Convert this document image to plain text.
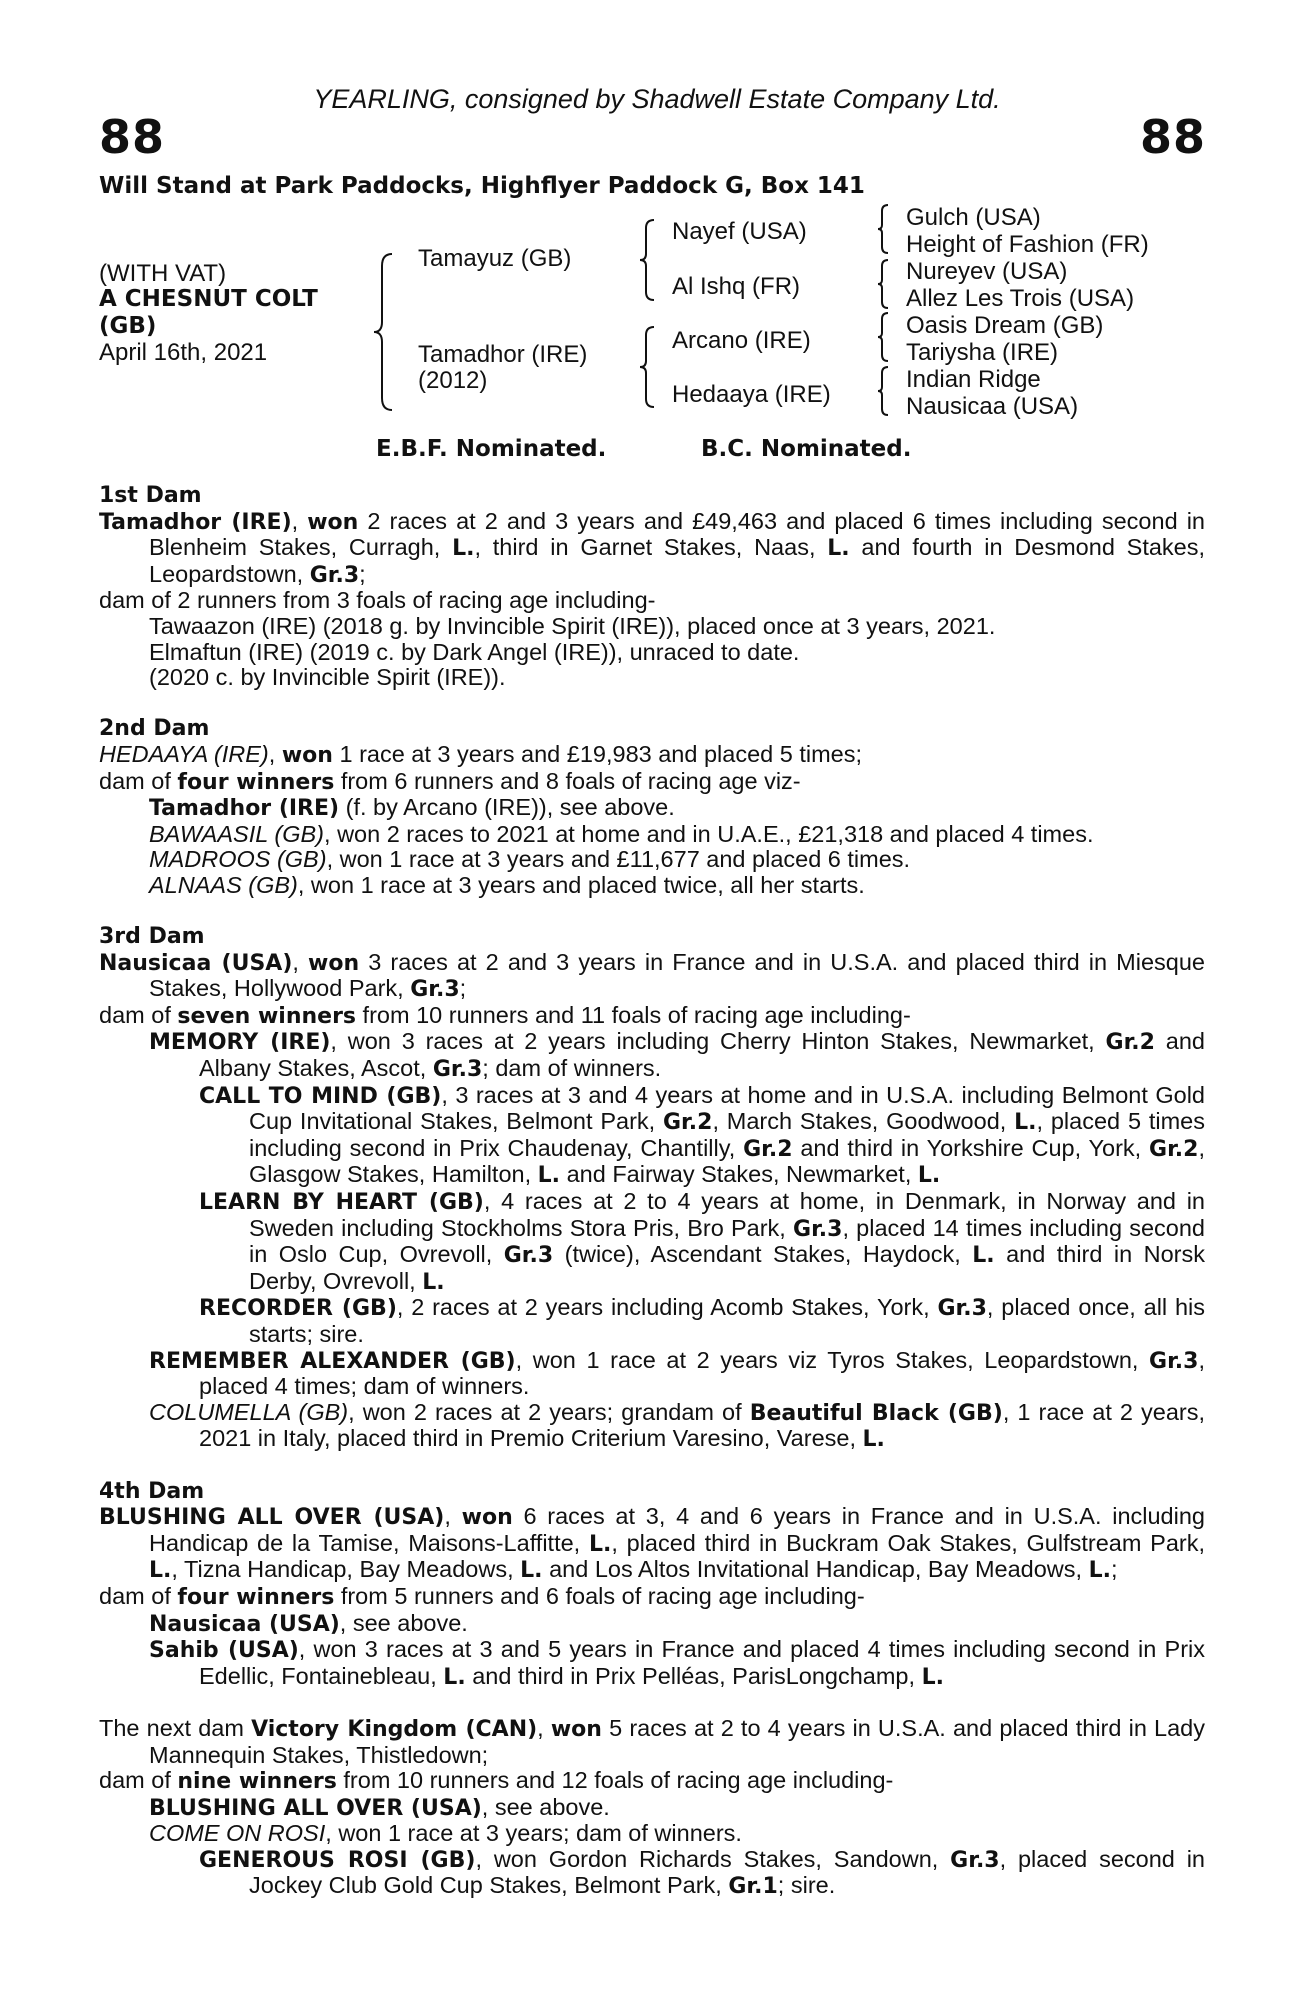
YEARLING, consigned by Shadwell Estate Company Ltd.
88	88
Will Stand at Park Paddocks, Highflyer Paddock G, Box 141
(WITH VAT)
A CHESNUT COLT
(GB)
April 16th, 2021
Tamayuz (GB)
Tamadhor (IRE)
(2012)
Nayef (USA)
Al Ishq (FR)
Arcano (IRE)
Hedaaya (IRE)
Gulch (USA)
Height of Fashion (FR)
Nureyev (USA)
Allez Les Trois (USA)
Oasis Dream (GB)
Tariysha (IRE)
Indian Ridge
Nausicaa (USA)
E.B.F. Nominated.	B.C. Nominated.

1st Dam

Tamadhor (IRE), won 2 races at 2 and 3 years and £49,463 and placed 6 times including second in Blenheim Stakes, Curragh, L., third in Garnet Stakes, Naas, L. and fourth in Desmond Stakes, Leopardstown, Gr.3;

dam of 2 runners from 3 foals of racing age including-

Tawaazon (IRE) (2018 g. by Invincible Spirit (IRE)), placed once at 3 years, 2021.

Elmaftun (IRE) (2019 c. by Dark Angel (IRE)), unraced to date.

(2020 c. by Invincible Spirit (IRE)).

2nd Dam

HEDAAYA (IRE), won 1 race at 3 years and £19,983 and placed 5 times;

dam of four winners from 6 runners and 8 foals of racing age viz-

Tamadhor (IRE) (f. by Arcano (IRE)), see above.

BAWAASIL (GB), won 2 races to 2021 at home and in U.A.E., £21,318 and placed 4 times.

MADROOS (GB), won 1 race at 3 years and £11,677 and placed 6 times.

ALNAAS (GB), won 1 race at 3 years and placed twice, all her starts.

3rd Dam

Nausicaa (USA), won 3 races at 2 and 3 years in France and in U.S.A. and placed third in Miesque Stakes, Hollywood Park, Gr.3;

dam of seven winners from 10 runners and 11 foals of racing age including-

MEMORY (IRE), won 3 races at 2 years including Cherry Hinton Stakes, Newmarket, Gr.2 and Albany Stakes, Ascot, Gr.3; dam of winners.

CALL TO MIND (GB), 3 races at 3 and 4 years at home and in U.S.A. including Belmont Gold Cup Invitational Stakes, Belmont Park, Gr.2, March Stakes, Goodwood, L., placed 5 times including second in Prix Chaudenay, Chantilly, Gr.2 and third in Yorkshire Cup, York, Gr.2, Glasgow Stakes, Hamilton, L. and Fairway Stakes, Newmarket, L.

LEARN BY HEART (GB), 4 races at 2 to 4 years at home, in Denmark, in Norway and in Sweden including Stockholms Stora Pris, Bro Park, Gr.3, placed 14 times including second in Oslo Cup, Ovrevoll, Gr.3 (twice), Ascendant Stakes, Haydock, L. and third in Norsk Derby, Ovrevoll, L.

RECORDER (GB), 2 races at 2 years including Acomb Stakes, York, Gr.3, placed once, all his starts; sire.

REMEMBER ALEXANDER (GB), won 1 race at 2 years viz Tyros Stakes, Leopardstown, Gr.3, placed 4 times; dam of winners.

COLUMELLA (GB), won 2 races at 2 years; grandam of Beautiful Black (GB), 1 race at 2 years, 2021 in Italy, placed third in Premio Criterium Varesino, Varese, L.

4th Dam

BLUSHING ALL OVER (USA), won 6 races at 3, 4 and 6 years in France and in U.S.A. including Handicap de la Tamise, Maisons-Laffitte, L., placed third in Buckram Oak Stakes, Gulfstream Park, L., Tizna Handicap, Bay Meadows, L. and Los Altos Invitational Handicap, Bay Meadows, L.;

dam of four winners from 5 runners and 6 foals of racing age including-

Nausicaa (USA), see above.

Sahib (USA), won 3 races at 3 and 5 years in France and placed 4 times including second in Prix Edellic, Fontainebleau, L. and third in Prix Pelléas, ParisLongchamp, L.

The next dam Victory Kingdom (CAN), won 5 races at 2 to 4 years in U.S.A. and placed third in Lady Mannequin Stakes, Thistledown;

dam of nine winners from 10 runners and 12 foals of racing age including-

BLUSHING ALL OVER (USA), see above.

COME ON ROSI, won 1 race at 3 years; dam of winners.

GENEROUS ROSI (GB), won Gordon Richards Stakes, Sandown, Gr.3, placed second in Jockey Club Gold Cup Stakes, Belmont Park, Gr.1; sire.
